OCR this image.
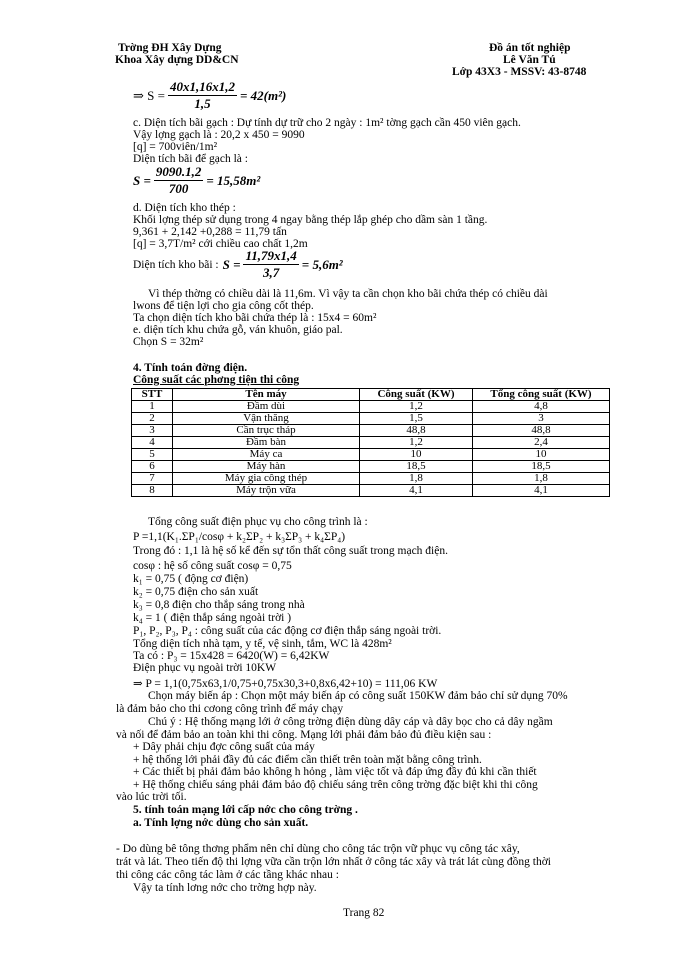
Trờng ĐH Xây Dựng
Khoa Xây dựng DD&CN
Đồ án tốt nghiệp
Lê Văn Tú
Lớp 43X3 - MSSV: 43-8748
⇒ $S = \frac{40x1,16x1,2}{1,5} = 42(m^2)$
c. Diện tích bãi gạch : Dự tính dự trữ cho 2 ngày : 1m² tờng gạch cần 450 viên gạch.
Vậy lợng gạch là : 20,2 x 450 = 9090
[q] = 700viên/1m²
Diện tích bãi để gạch là :
$S = \frac{9090.1,2}{700} = 15,58m^2$
d. Diện tích kho thép :
Khối lợng thép sử dụng trong 4 ngay bằng thép lắp ghép cho dầm sàn 1 tầng.
9,361 + 2,142 +0,288 = 11,79 tấn
[q] = 3,7T/m² cới chiều cao chất 1,2m
Diện tích kho bãi : $S = \frac{11,79x1,4}{3,7} = 5,6m^2$
Vì thép thờng có chiều dài là 11,6m. Vì vậy ta cần chọn kho bãi chứa thép có chiều dài
lwons để tiện lợi cho gia công cốt thép.
Ta chọn diện tích kho bãi chứa thép là : 15x4 = 60m²
e. diện tích khu chứa gỗ, ván khuôn, giáo pal.
Chọn S = 32m²
4. Tính toán đờng điện.
Công suất các phơng tiện thi công
STT	Tên máy	Công suất (KW)	Tổng công suất (KW)
1	Đầm dùi	1,2	4,8
2	Vận thăng	1,5	3
3	Cần trục tháp	48,8	48,8
4	Đầm bàn	1,2	2,4
5	Máy ca	10	10
6	Máy hàn	18,5	18,5
7	Máy gia công thép	1,8	1,8
8	Máy trộn vữa	4,1	4,1
Tổng công suất điện phục vụ cho công trình là :
P =1,1(K₁.ΣP₁/cosφ + k₂ΣP₂ + k₃ΣP₃ + k₄ΣP₄)
Trong đó : 1,1 là hệ số kể đến sự tổn thất công suất trong mạch điện.
cosφ : hệ số công suất cosφ = 0,75
k₁ = 0,75 ( động cơ điện)
k₂ = 0,75 điện cho sản xuất
k₃ = 0,8 điện cho thắp sáng trong nhà
k₄ = 1 ( điện thắp sáng ngoài trời )
P₁, P₂, P₃, P₄ : công suất của các động cơ điện thắp sáng ngoài trời.
Tổng diện tích nhà tạm, y tế, vệ sinh, tắm, WC là 428m²
Ta có : P₃ = 15x428 = 6420(W) = 6,42KW
Điện phục vụ ngoài trời 10KW
⇒ P = 1,1(0,75x63,1/0,75+0,75x30,3+0,8x6,42+10) = 111,06 KW
Chọn máy biến áp : Chọn một máy biến áp có công suất 150KW đảm bảo chỉ sử dụng 70%
là đảm bảo cho thi cơong công trình để máy chạy
Chú ý : Hệ thống mạng lới ở công trờng điện dùng dây cáp và dây bọc cho cả dây ngầm
và nối để đảm bảo an toàn khi thi công. Mạng lới phải đảm bảo đủ điều kiện sau :
+ Dây phải chịu đợc công suất của máy
+ hệ thống lới phải đầy đủ các điểm cần thiết trên toàn mặt bằng công trình.
+ Các thiết bị phải đảm bảo không h hỏng , làm việc tốt và đáp ứng đầy đủ khi cần thiết
+ Hệ thống chiếu sáng phải đảm bảo độ chiếu sáng trên công trờng đặc biệt khi thi công
vào lúc trời tối.
5. tính toán mạng lới cấp nớc cho công trờng .
a. Tính lợng nớc dùng cho sản xuất.
- Do dùng bê tông thơng phẩm nên chỉ dùng cho công tác trộn vữ phục vụ công tác xây,
trát và lát. Theo tiến độ thi lợng vữa cần trộn lớn nhất ở công tác xây và trát lát cùng đồng thời
thi công các công tác làm ở các tầng khác nhau :
Vậy ta tính lơng nớc cho trờng hợp này.
Trang 82
